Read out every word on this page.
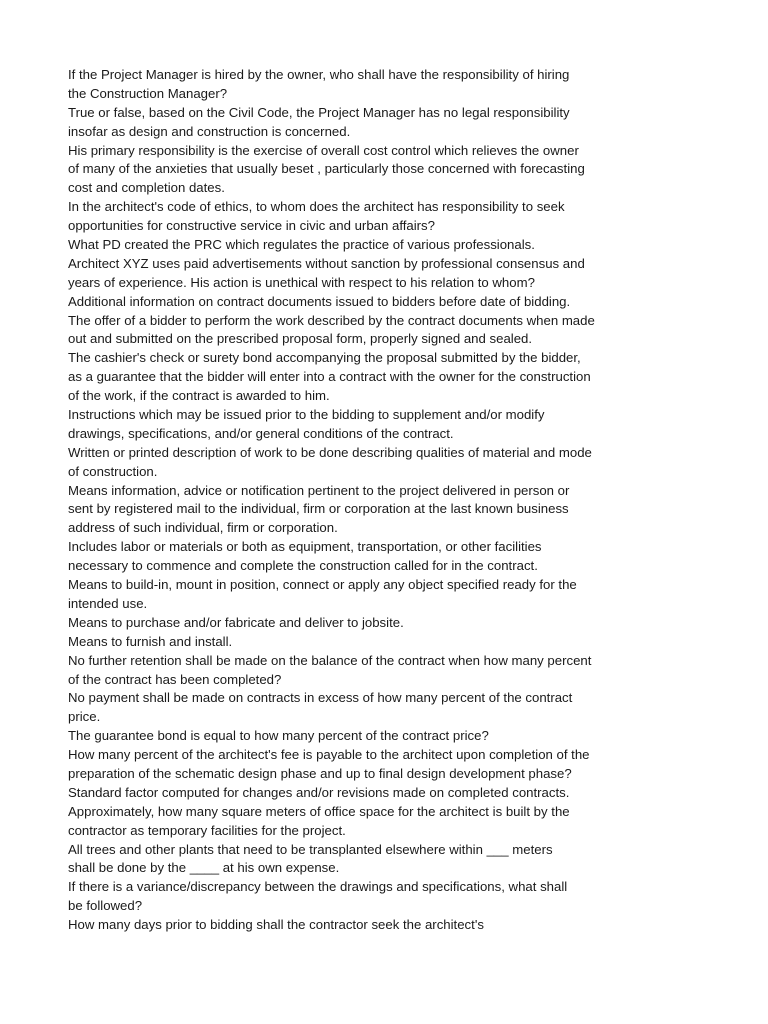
If the Project Manager is hired by the owner, who shall have the responsibility of hiring
the Construction Manager?
True or false, based on the Civil Code, the Project Manager has no legal responsibility
insofar as design and construction is concerned.
His primary responsibility is the exercise of overall cost control which relieves the owner
of many of the anxieties that usually beset , particularly those concerned with forecasting
cost and completion dates.
In the architect's code of ethics, to whom does the architect has responsibility to seek
opportunities for constructive service in civic and urban affairs?
What PD created the PRC which regulates the practice of various professionals.
Architect XYZ uses paid advertisements without sanction by professional consensus and
years of experience. His action is unethical with respect to his relation to whom?
Additional information on contract documents issued to bidders before date of bidding.
The offer of a bidder to perform the work described by the contract documents when made
out and submitted on the prescribed proposal form, properly signed and sealed.
The cashier's check or surety bond accompanying the proposal submitted by the bidder,
as a guarantee that the bidder will enter into a contract with the owner for the construction
of the work, if the contract is awarded to him.
Instructions which may be issued prior to the bidding to supplement and/or modify
drawings, specifications, and/or general conditions of the contract.
Written or printed description of work to be done describing qualities of material and mode
of construction.
Means information, advice or notification pertinent to the project delivered in person or
sent by registered mail to the individual, firm or corporation at the last known business
address of such individual, firm or corporation.
Includes labor or materials or both as equipment, transportation, or other facilities
necessary to commence and complete the construction called for in the contract.
Means to build-in, mount in position, connect or apply any object specified ready for the
intended use.
Means to purchase and/or fabricate and deliver to jobsite.
Means to furnish and install.
No further retention shall be made on the balance of the contract when how many percent
of the contract has been completed?
No payment shall be made on contracts in excess of how many percent of the contract
price.
The guarantee bond is equal to how many percent of the contract price?
How many percent of the architect's fee is payable to the architect upon completion of the
preparation of the schematic design phase and up to final design development phase?
Standard factor computed for changes and/or revisions made on completed contracts.
Approximately, how many square meters of office space for the architect is built by the
contractor as temporary facilities for the project.
All trees and other plants that need to be transplanted elsewhere within ___ meters
shall be done by the ____ at his own expense.
If there is a variance/discrepancy between the drawings and specifications, what shall
be followed?
How many days prior to bidding shall the contractor seek the architect's
